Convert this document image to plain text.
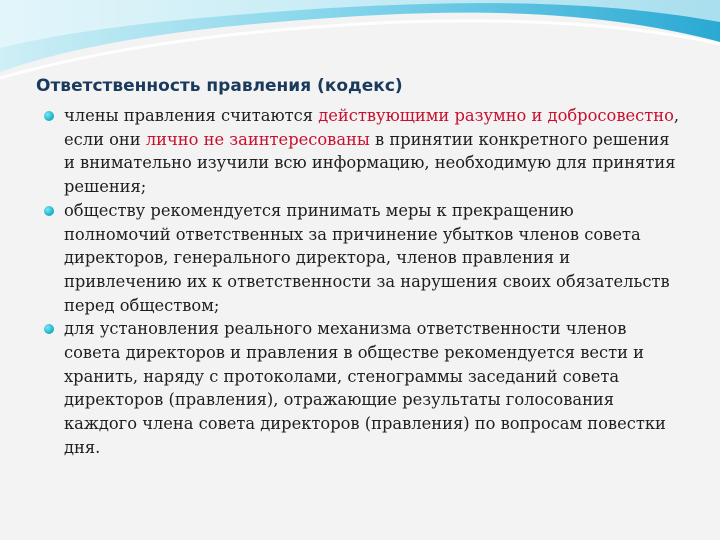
Ответственность правления (кодекс)
члены правления считаются действующими разумно и добросовестно, если они лично не заинтересованы в принятии конкретного решения и внимательно изучили всю информацию, необходимую для принятия решения;
обществу рекомендуется принимать меры к прекращению полномочий ответственных за причинение убытков членов совета директоров, генерального директора, членов правления и привлечению их к ответственности за нарушения своих обязательств перед обществом;
для установления реального механизма ответственности членов совета директоров и правления в обществе рекомендуется вести и хранить, наряду с протоколами, стенограммы заседаний совета директоров (правления), отражающие результаты голосования каждого члена совета директоров (правления) по вопросам повестки дня.
